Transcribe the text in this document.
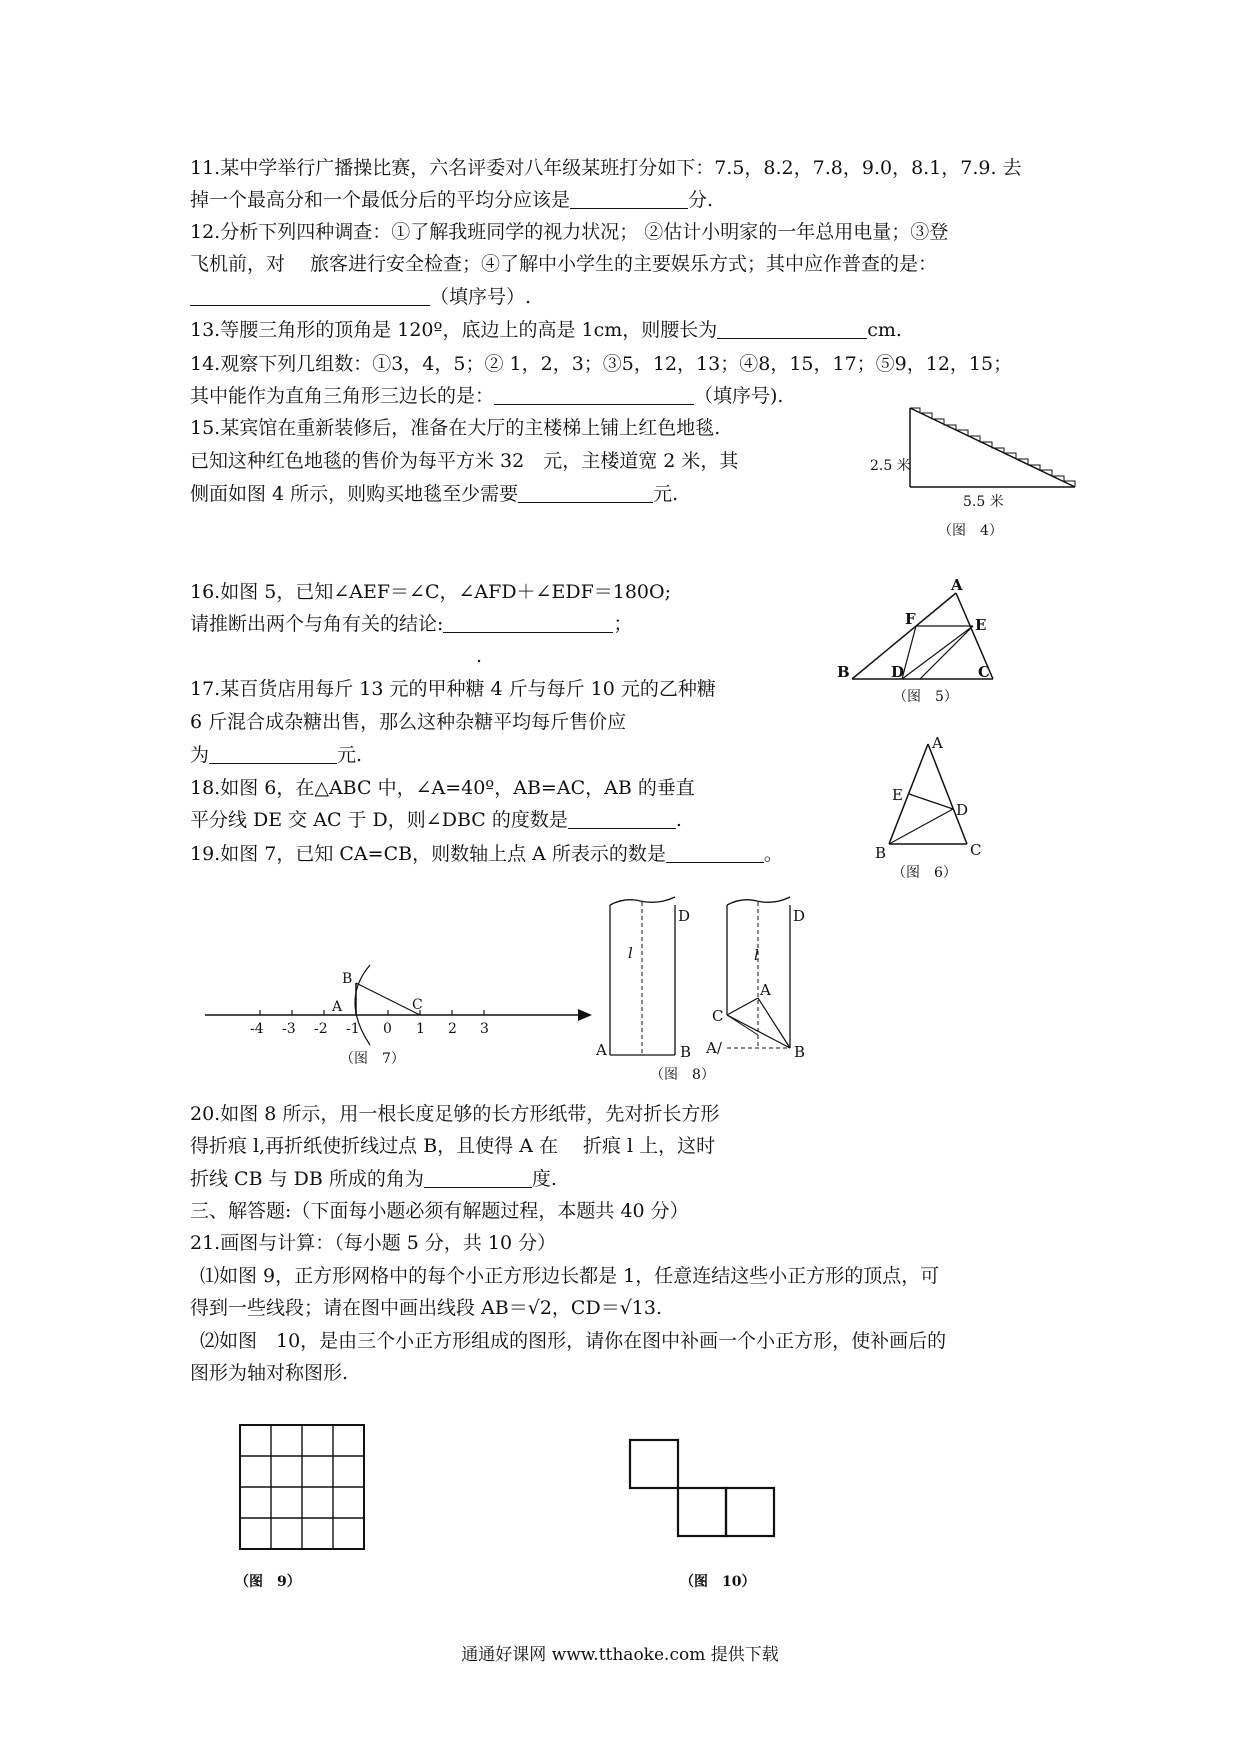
11.某中学举行广播操比赛，六名评委对八年级某班打分如下：7.5，8.2，7.8，9.0，8.1，7.9. 去
掉一个最高分和一个最低分后的平均分应该是	分.
12.分析下列四种调查：①了解我班同学的视力状况； ②估计小明家的一年总用电量；③登
飞机前，对　 旅客进行安全检查；④了解中小学生的主要娱乐方式；其中应作普查的是：
（填序号）.
13.等腰三角形的顶角是 120º，底边上的高是 1cm，则腰长为	cm.
14.观察下列几组数：①3，4，5；② 1，2，3；③5，12，13；④8，15，17；⑤9，12，15；
其中能作为直角三角形三边长的是：	（填序号).
15.某宾馆在重新装修后，准备在大厅的主楼梯上铺上红色地毯.
已知这种红色地毯的售价为每平方米 32　元，主楼道宽 2 米，其
侧面如图 4 所示，则购买地毯至少需要	元.
2.5 米
5.5 米
（图　4）
16.如图 5，已知∠AEF＝∠C，∠AFD＋∠EDF＝180O;
请推断出两个与角有关的结论:	；
.
A
F	E
B	D	C
（图　5）
17.某百货店用每斤 13 元的甲种糖 4 斤与每斤 10 元的乙种糖
6 斤混合成杂糖出售，那么这种杂糖平均每斤售价应
为	元.
18.如图 6，在△ABC 中，∠A=40º，AB=AC，AB 的垂直
平分线 DE 交 AC 于 D，则∠DBC 的度数是	.
A
E
D
B	C
（图　6）
19.如图 7，已知 CA=CB，则数轴上点 A 所表示的数是	。
-4 -3 -2 -1 0 1 2 3
B
A	C
（图　7）
l
A	B
D
l
A
C
A/	B
D
（图　8）
20.如图 8 所示，用一根长度足够的长方形纸带，先对折长方形
得折痕 l,再折纸使折线过点 B，且使得 A 在　 折痕 l 上，这时
折线 CB 与 DB 所成的角为	度.
三、解答题:（下面每小题必须有解题过程，本题共 40 分）
21.画图与计算：（每小题 5 分，共 10 分）
⑴如图 9，正方形网格中的每个小正方形边长都是 1，任意连结这些小正方形的顶点，可
得到一些线段；请在图中画出线段 AB＝√2，CD＝√13.
⑵如图　10，是由三个小正方形组成的图形，请你在图中补画一个小正方形，使补画后的
图形为轴对称图形.
（图　9）	（图　10）
通通好课网 www.tthaoke.com 提供下载
